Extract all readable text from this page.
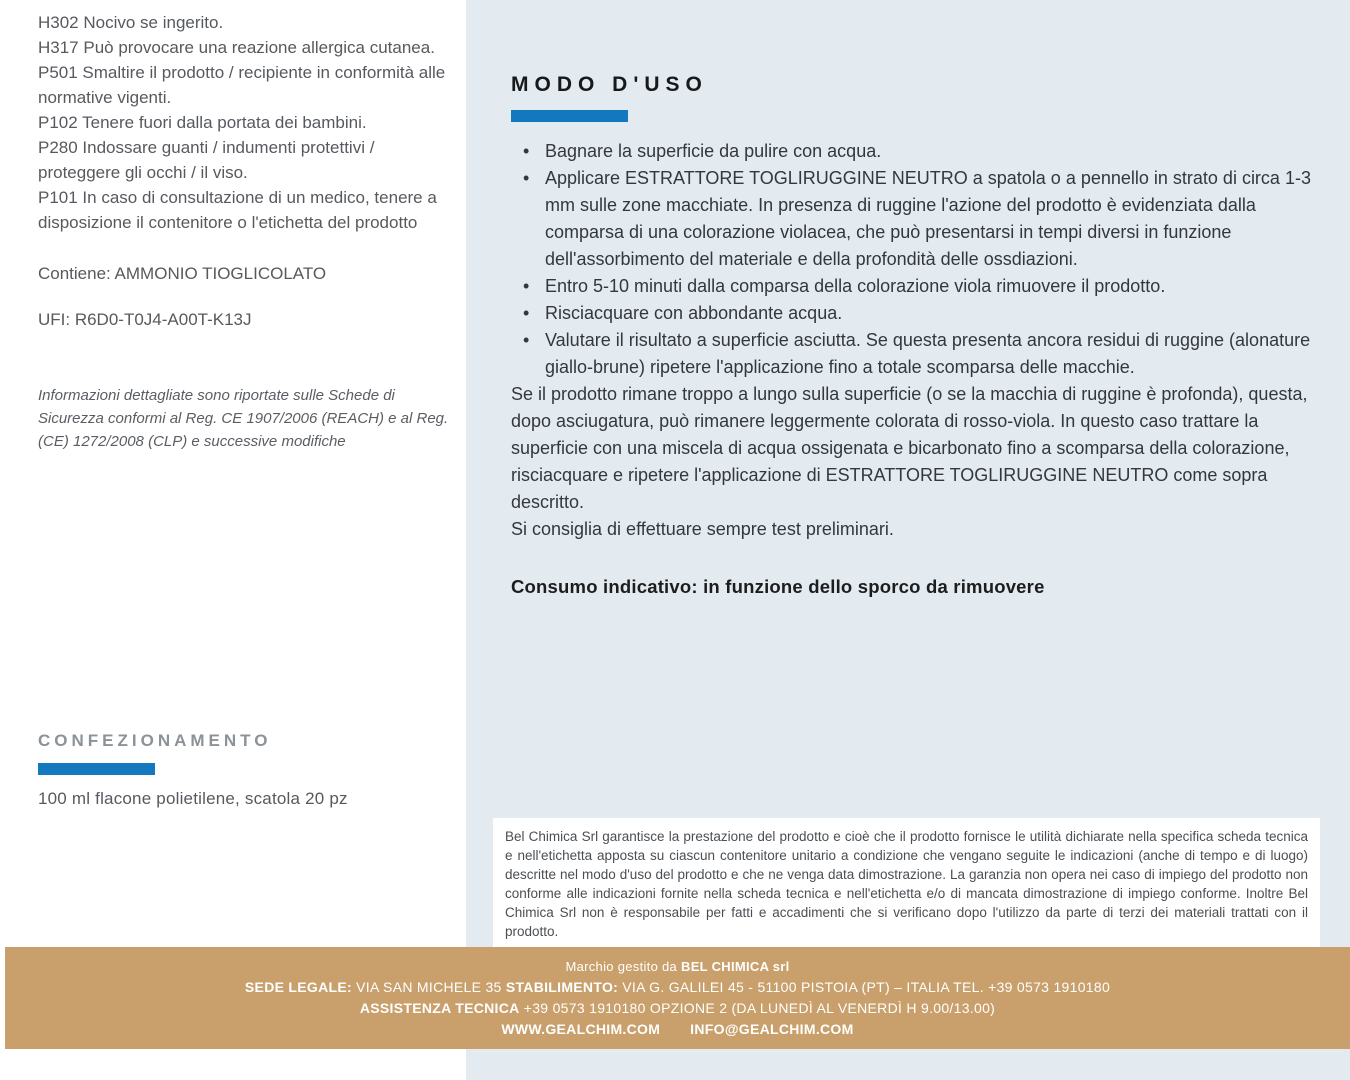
H302 Nocivo se ingerito.
H317 Può provocare una reazione allergica cutanea.
P501 Smaltire il prodotto / recipiente in conformità alle normative vigenti.
P102 Tenere fuori dalla portata dei bambini.
P280 Indossare guanti / indumenti protettivi / proteggere gli occhi / il viso.
P101 In caso di consultazione di un medico, tenere a disposizione il contenitore o l'etichetta del prodotto
Contiene: AMMONIO TIOGLICOLATO
UFI: R6D0-T0J4-A00T-K13J
Informazioni dettagliate sono riportate sulle Schede di Sicurezza conformi al Reg. CE 1907/2006 (REACH) e al Reg. (CE) 1272/2008 (CLP) e successive modifiche
CONFEZIONAMENTO
100 ml flacone polietilene, scatola 20 pz
MODO D'USO
• Bagnare la superficie da pulire con acqua.
• Applicare ESTRATTORE TOGLIRUGGINE NEUTRO a spatola o a pennello in strato di circa 1-3 mm sulle zone macchiate. In presenza di ruggine l'azione del prodotto è evidenziata dalla comparsa di una colorazione violacea, che può presentarsi in tempi diversi in funzione dell'assorbimento del materiale e della profondità delle ossdiazioni.
• Entro 5-10 minuti dalla comparsa della colorazione viola rimuovere il prodotto.
• Risciacquare con abbondante acqua.
• Valutare il risultato a superficie asciutta. Se questa presenta ancora residui di ruggine (alonature giallo-brune) ripetere l'applicazione fino a totale scomparsa delle macchie.
Se il prodotto rimane troppo a lungo sulla superficie (o se la macchia di ruggine è profonda), questa, dopo asciugatura, può rimanere leggermente colorata di rosso-viola. In questo caso trattare la superficie con una miscela di acqua ossigenata e bicarbonato fino a scomparsa della colorazione, risciacquare e ripetere l'applicazione di ESTRATTORE TOGLIRUGGINE NEUTRO come sopra descritto.
Si consiglia di effettuare sempre test preliminari.
Consumo indicativo: in funzione dello sporco da rimuovere
Bel Chimica Srl garantisce la prestazione del prodotto e cioè che il prodotto fornisce le utilità dichiarate nella specifica scheda tecnica e nell'etichetta apposta su ciascun contenitore unitario a condizione che vengano seguite le indicazioni (anche di tempo e di luogo) descritte nel modo d'uso del prodotto e che ne venga data dimostrazione. La garanzia non opera nei caso di impiego del prodotto non conforme alle indicazioni fornite nella scheda tecnica e nell'etichetta e/o di mancata dimostrazione di impiego conforme. Inoltre Bel Chimica Srl non è responsabile per fatti e accadimenti che si verificano dopo l'utilizzo da parte di terzi dei materiali trattati con il prodotto.
Marchio gestito da BEL CHIMICA srl
SEDE LEGALE: VIA SAN MICHELE 35 STABILIMENTO: VIA G. GALILEI 45 - 51100 PISTOIA (PT) – ITALIA TEL. +39 0573 1910180
ASSISTENZA TECNICA +39 0573 1910180 OPZIONE 2 (DA LUNEDÌ AL VENERDÌ H 9.00/13.00)
WWW.GEALCHIM.COM INFO@GEALCHIM.COM
